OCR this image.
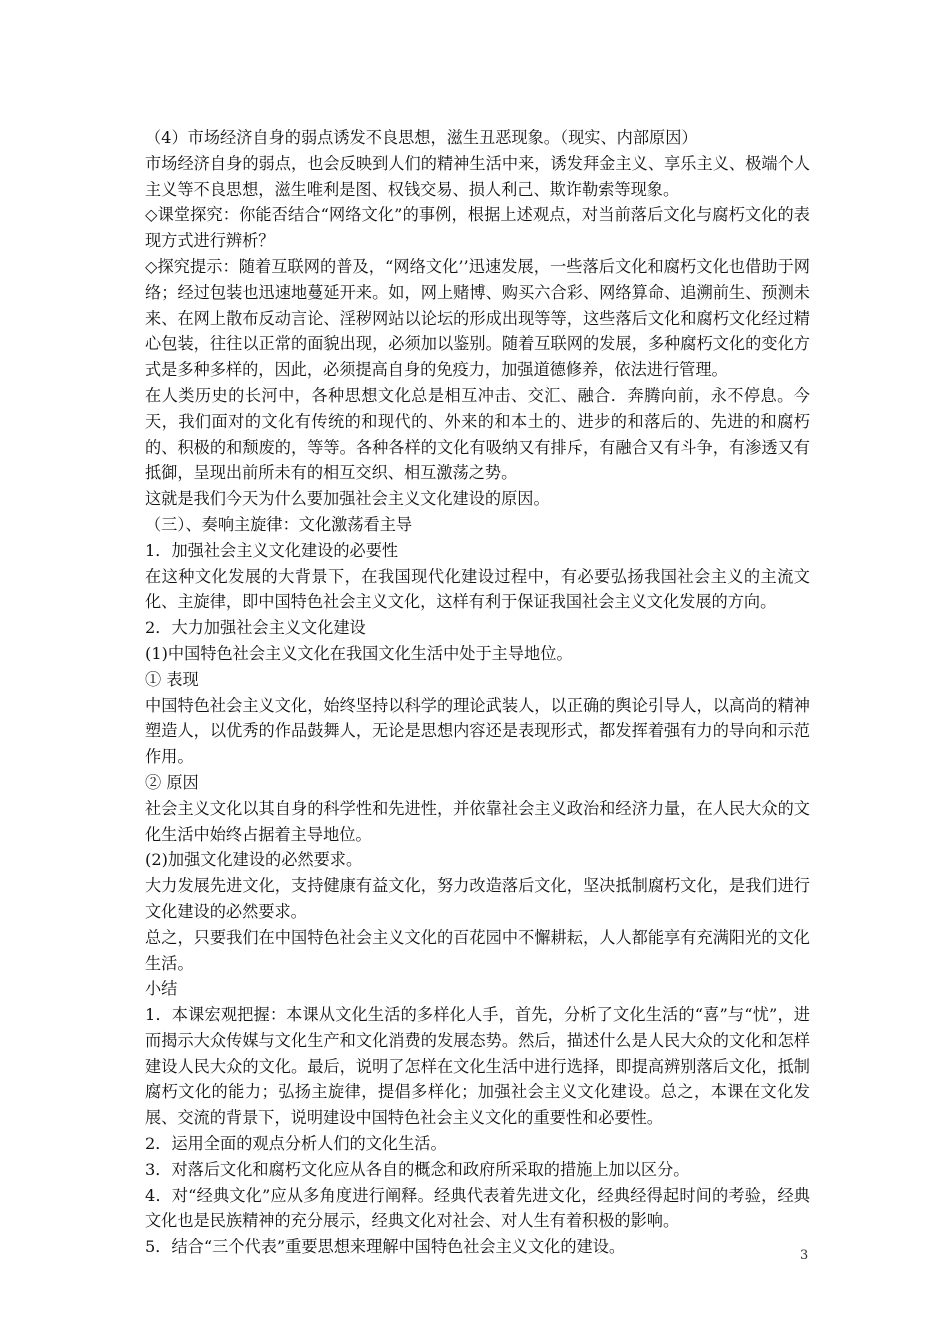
（4）市场经济自身的弱点诱发不良思想，滋生丑恶现象。（现实、内部原因）

市场经济自身的弱点，也会反映到人们的精神生活中来，诱发拜金主义、享乐主义、极端个人主义等不良思想，滋生唯利是图、权钱交易、损人利己、欺诈勒索等现象。

◇课堂探究：你能否结合“网络文化”的事例，根据上述观点，对当前落后文化与腐朽文化的表现方式进行辨析？

◇探究提示：随着互联网的普及，“网络文化’’迅速发展，一些落后文化和腐朽文化也借助于网络；经过包装也迅速地蔓延开来。如，网上赌博、购买六合彩、网络算命、追溯前生、预测未来、在网上散布反动言论、淫秽网站以论坛的形成出现等等，这些落后文化和腐朽文化经过精心包装，往往以正常的面貌出现，必须加以鉴别。随着互联网的发展，多种腐朽文化的变化方式是多种多样的，因此，必须提高自身的免疫力，加强道德修养，依法进行管理。

在人类历史的长河中，各种思想文化总是相互冲击、交汇、融合．奔腾向前，永不停息。今天，我们面对的文化有传统的和现代的、外来的和本土的、进步的和落后的、先进的和腐朽的、积极的和颓废的，等等。各种各样的文化有吸纳又有排斥，有融合又有斗争，有渗透又有抵御，呈现出前所未有的相互交织、相互激荡之势。

这就是我们今天为什么要加强社会主义文化建设的原因。

（三）、奏响主旋律：文化激荡看主导

1．加强社会主义文化建设的必要性

在这种文化发展的大背景下，在我国现代化建设过程中，有必要弘扬我国社会主义的主流文化、主旋律，即中国特色社会主义文化，这样有利于保证我国社会主义文化发展的方向。

2．大力加强社会主义文化建设

(1)中国特色社会主义文化在我国文化生活中处于主导地位。

① 表现

中国特色社会主义文化，始终坚持以科学的理论武装人，以正确的舆论引导人，以高尚的精神塑造人，以优秀的作品鼓舞人，无论是思想内容还是表现形式，都发挥着强有力的导向和示范作用。

② 原因

社会主义文化以其自身的科学性和先进性，并依靠社会主义政治和经济力量，在人民大众的文化生活中始终占据着主导地位。

(2)加强文化建设的必然要求。

大力发展先进文化，支持健康有益文化，努力改造落后文化，坚决抵制腐朽文化，是我们进行文化建设的必然要求。

总之，只要我们在中国特色社会主义文化的百花园中不懈耕耘，人人都能享有充满阳光的文化生活。

小结

1．本课宏观把握：本课从文化生活的多样化人手，首先，分析了文化生活的“喜”与“忧”，进而揭示大众传媒与文化生产和文化消费的发展态势。然后，描述什么是人民大众的文化和怎样建设人民大众的文化。最后，说明了怎样在文化生活中进行选择，即提高辨别落后文化，抵制腐朽文化的能力；弘扬主旋律，提倡多样化；加强社会主义文化建设。总之，本课在文化发展、交流的背景下，说明建设中国特色社会主义文化的重要性和必要性。

2．运用全面的观点分析人们的文化生活。

3．对落后文化和腐朽文化应从各自的概念和政府所采取的措施上加以区分。

4．对“经典文化”应从多角度进行阐释。经典代表着先进文化，经典经得起时间的考验，经典文化也是民族精神的充分展示，经典文化对社会、对人生有着积极的影响。

5．结合“三个代表”重要思想来理解中国特色社会主义文化的建设。	3
